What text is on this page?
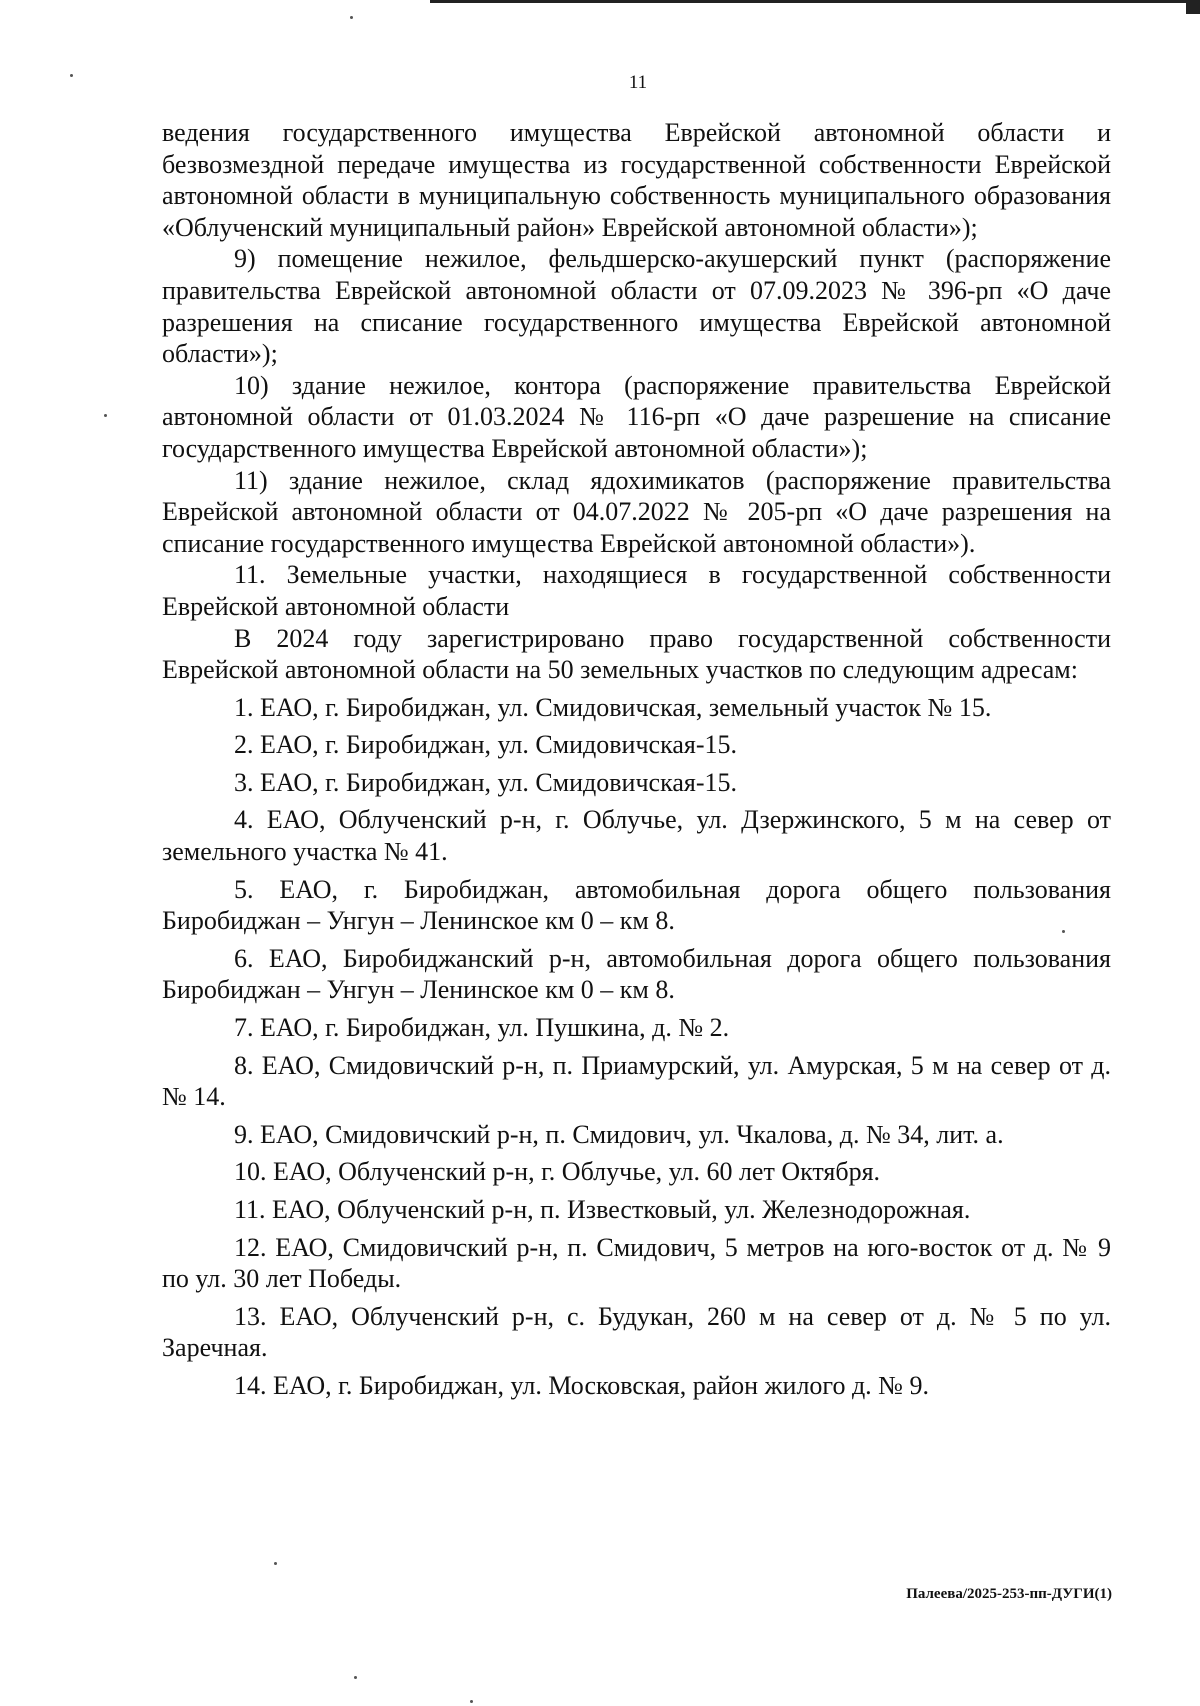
11

ведения государственного имущества Еврейской автономной области и безвозмездной передаче имущества из государственной собственности Еврейской автономной области в муниципальную собственность муниципального образования «Облученский муниципальный район» Еврейской автономной области»);

9) помещение нежилое, фельдшерско-акушерский пункт (распоряжение правительства Еврейской автономной области от 07.09.2023 № 396-рп «О даче разрешения на списание государственного имущества Еврейской автономной области»);

10) здание нежилое, контора (распоряжение правительства Еврейской автономной области от 01.03.2024 № 116-рп «О даче разрешение на списание государственного имущества Еврейской автономной области»);

11) здание нежилое, склад ядохимикатов (распоряжение правительства Еврейской автономной области от 04.07.2022 № 205-рп «О даче разрешения на списание государственного имущества Еврейской автономной области»).

11. Земельные участки, находящиеся в государственной собственности Еврейской автономной области

В 2024 году зарегистрировано право государственной собственности Еврейской автономной области на 50 земельных участков по следующим адресам:

1. ЕАО, г. Биробиджан, ул. Смидовичская, земельный участок № 15.

2. ЕАО, г. Биробиджан, ул. Смидовичская-15.

3. ЕАО, г. Биробиджан, ул. Смидовичская-15.

4. ЕАО, Облученский р-н, г. Облучье, ул. Дзержинского, 5 м на север от земельного участка № 41.

5. ЕАО, г. Биробиджан, автомобильная дорога общего пользования Биробиджан – Унгун – Ленинское км 0 – км 8.

6. ЕАО, Биробиджанский р-н, автомобильная дорога общего пользования Биробиджан – Унгун – Ленинское км 0 – км 8.

7. ЕАО, г. Биробиджан, ул. Пушкина, д. № 2.

8. ЕАО, Смидовичский р-н, п. Приамурский, ул. Амурская, 5 м на север от д. № 14.

9. ЕАО, Смидовичский р-н, п. Смидович, ул. Чкалова, д. № 34, лит. а.

10. ЕАО, Облученский р-н, г. Облучье, ул. 60 лет Октября.

11. ЕАО, Облученский р-н, п. Известковый, ул. Железнодорожная.

12. ЕАО, Смидовичский р-н, п. Смидович, 5 метров на юго-восток от д. № 9 по ул. 30 лет Победы.

13. ЕАО, Облученский р-н, с. Будукан, 260 м на север от д. № 5 по ул. Заречная.

14. ЕАО, г. Биробиджан, ул. Московская, район жилого д. № 9.

Палеева/2025-253-пп-ДУГИ(1)
